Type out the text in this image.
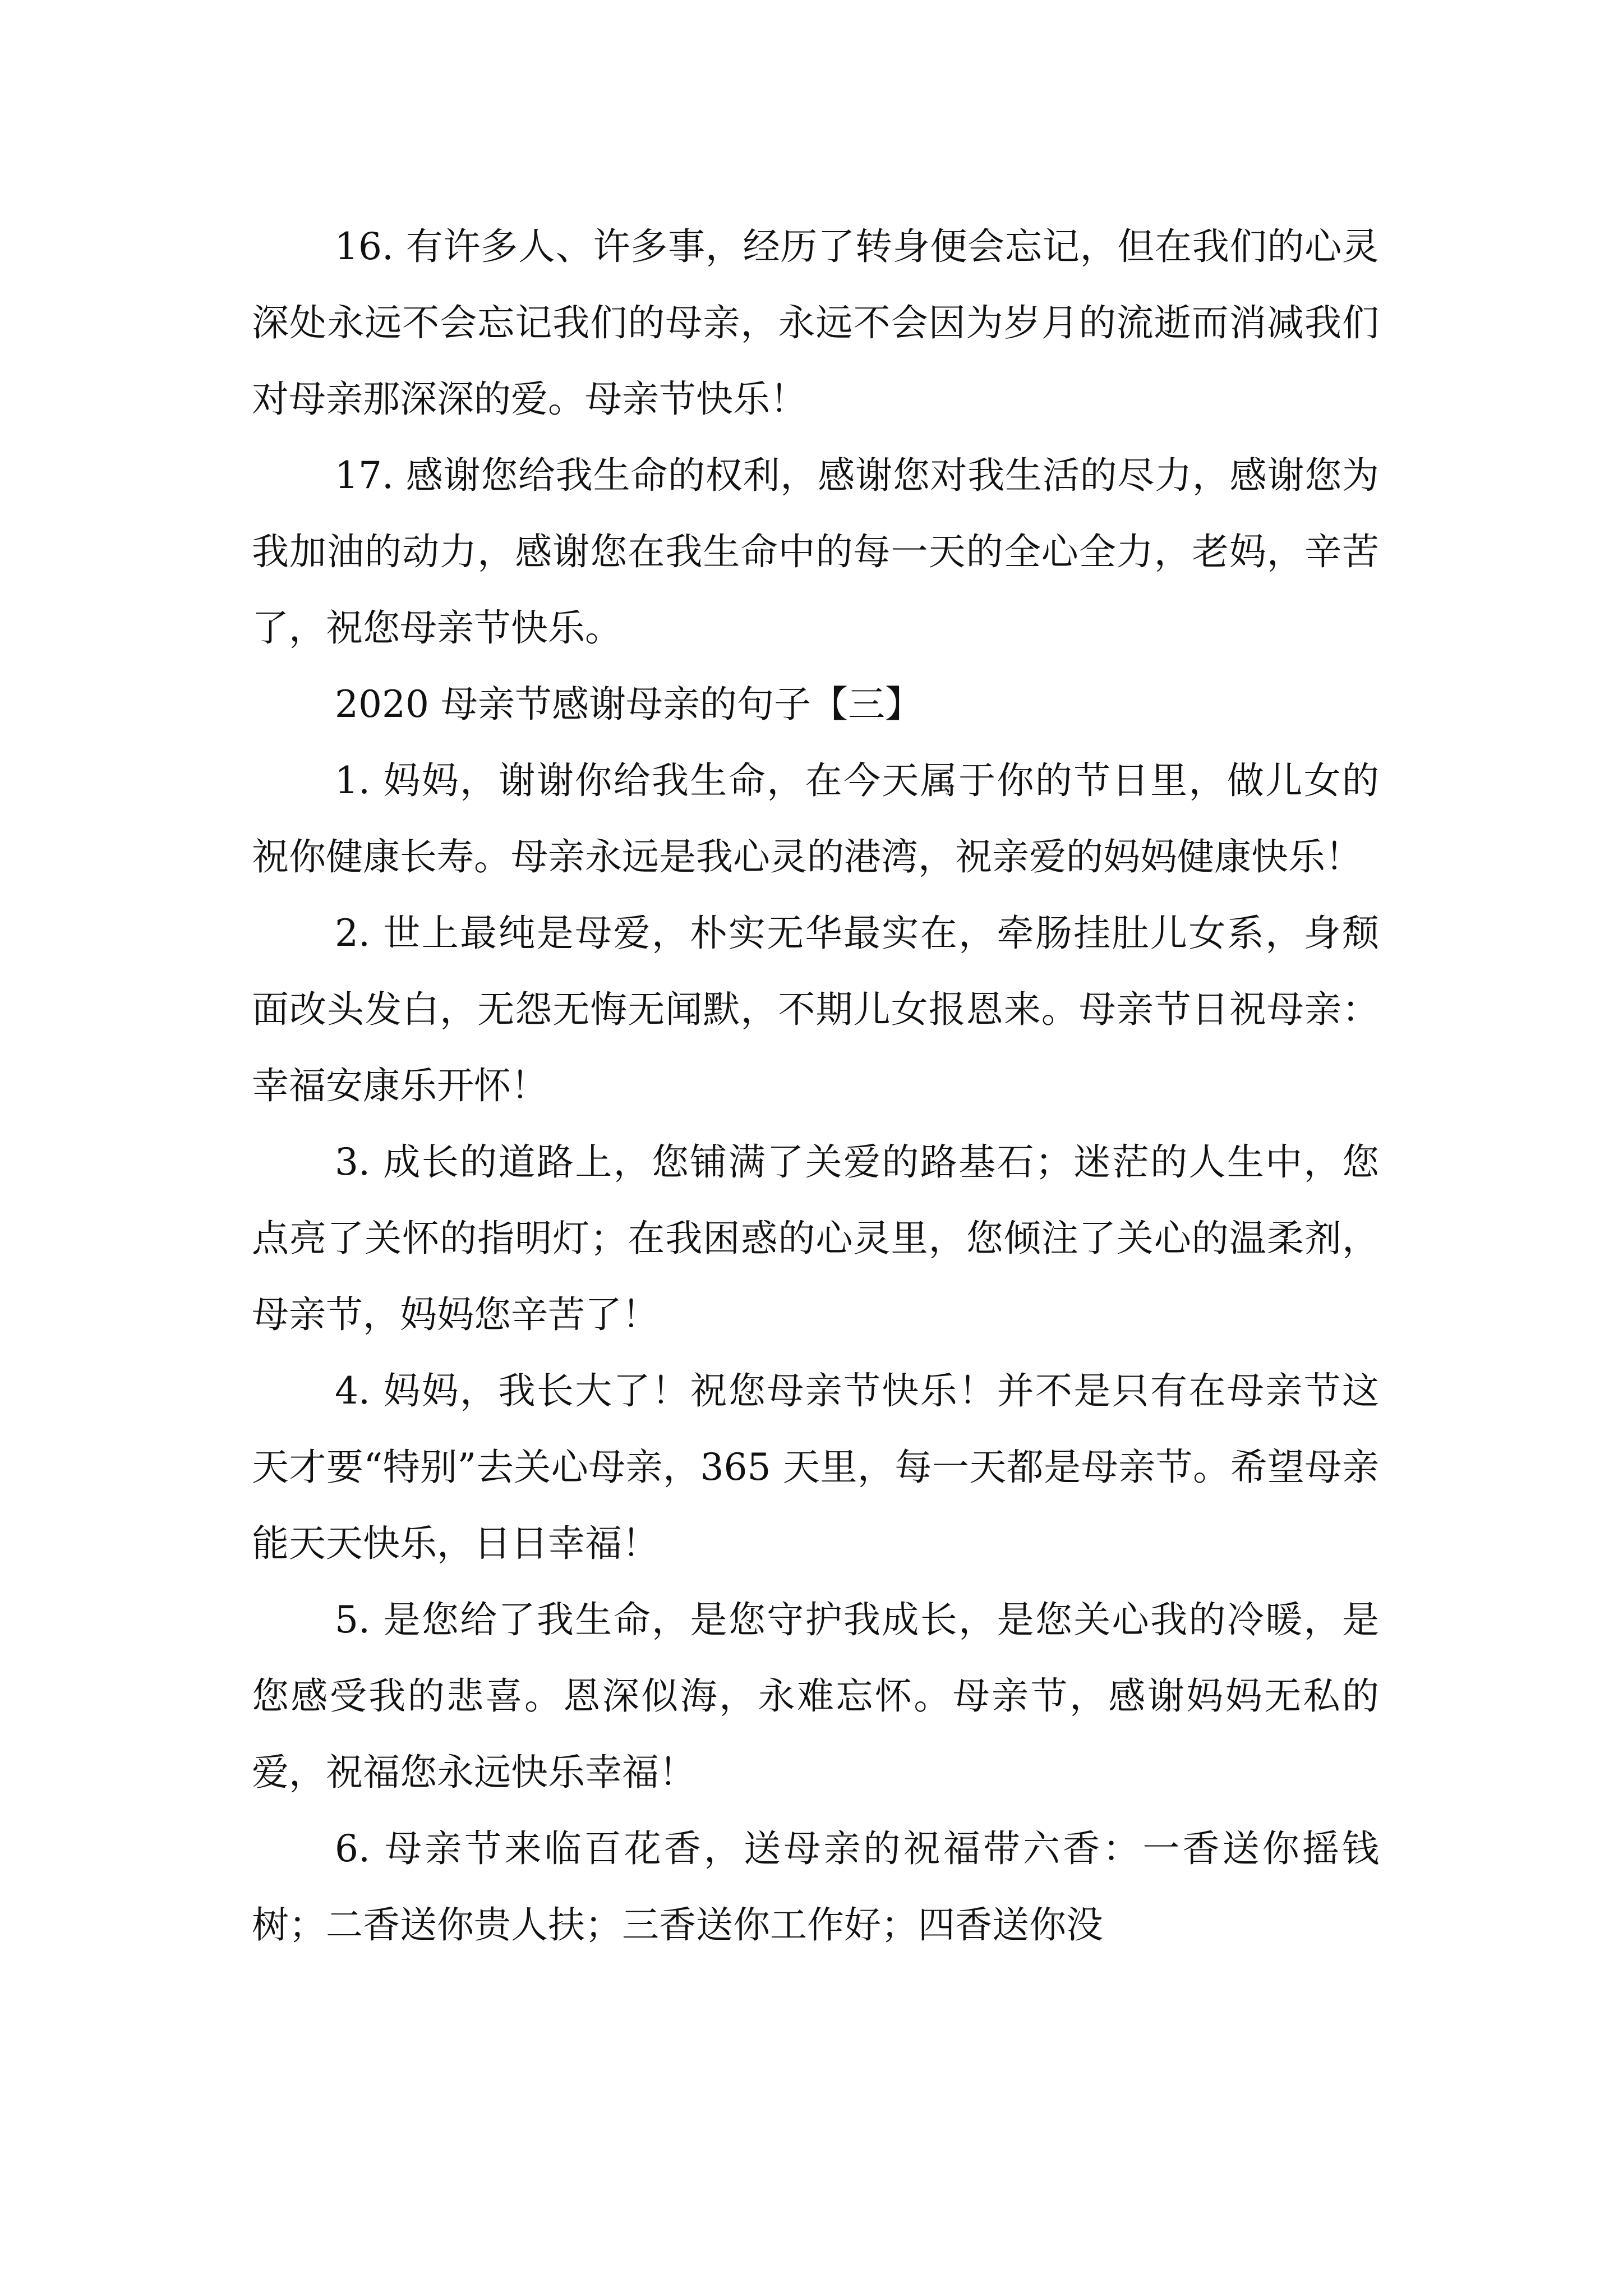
16. 有许多人、许多事，经历了转身便会忘记，但在我们的心灵深处永远不会忘记我们的母亲，永远不会因为岁月的流逝而消减我们对母亲那深深的爱。母亲节快乐！

17. 感谢您给我生命的权利，感谢您对我生活的尽力，感谢您为我加油的动力，感谢您在我生命中的每一天的全心全力，老妈，辛苦了，祝您母亲节快乐。

2020 母亲节感谢母亲的句子【三】

1. 妈妈，谢谢你给我生命，在今天属于你的节日里，做儿女的祝你健康长寿。母亲永远是我心灵的港湾，祝亲爱的妈妈健康快乐！

2. 世上最纯是母爱，朴实无华最实在，牵肠挂肚儿女系，身颓面改头发白，无怨无悔无闻默，不期儿女报恩来。母亲节日祝母亲：幸福安康乐开怀！

3. 成长的道路上，您铺满了关爱的路基石；迷茫的人生中，您点亮了关怀的指明灯；在我困惑的心灵里，您倾注了关心的温柔剂，母亲节，妈妈您辛苦了！

4. 妈妈，我长大了！祝您母亲节快乐！并不是只有在母亲节这天才要“特别”去关心母亲，365 天里，每一天都是母亲节。希望母亲能天天快乐，日日幸福！

5. 是您给了我生命，是您守护我成长，是您关心我的冷暖，是您感受我的悲喜。恩深似海，永难忘怀。母亲节，感谢妈妈无私的爱，祝福您永远快乐幸福！

6. 母亲节来临百花香，送母亲的祝福带六香：一香送你摇钱树；二香送你贵人扶；三香送你工作好；四香送你没
